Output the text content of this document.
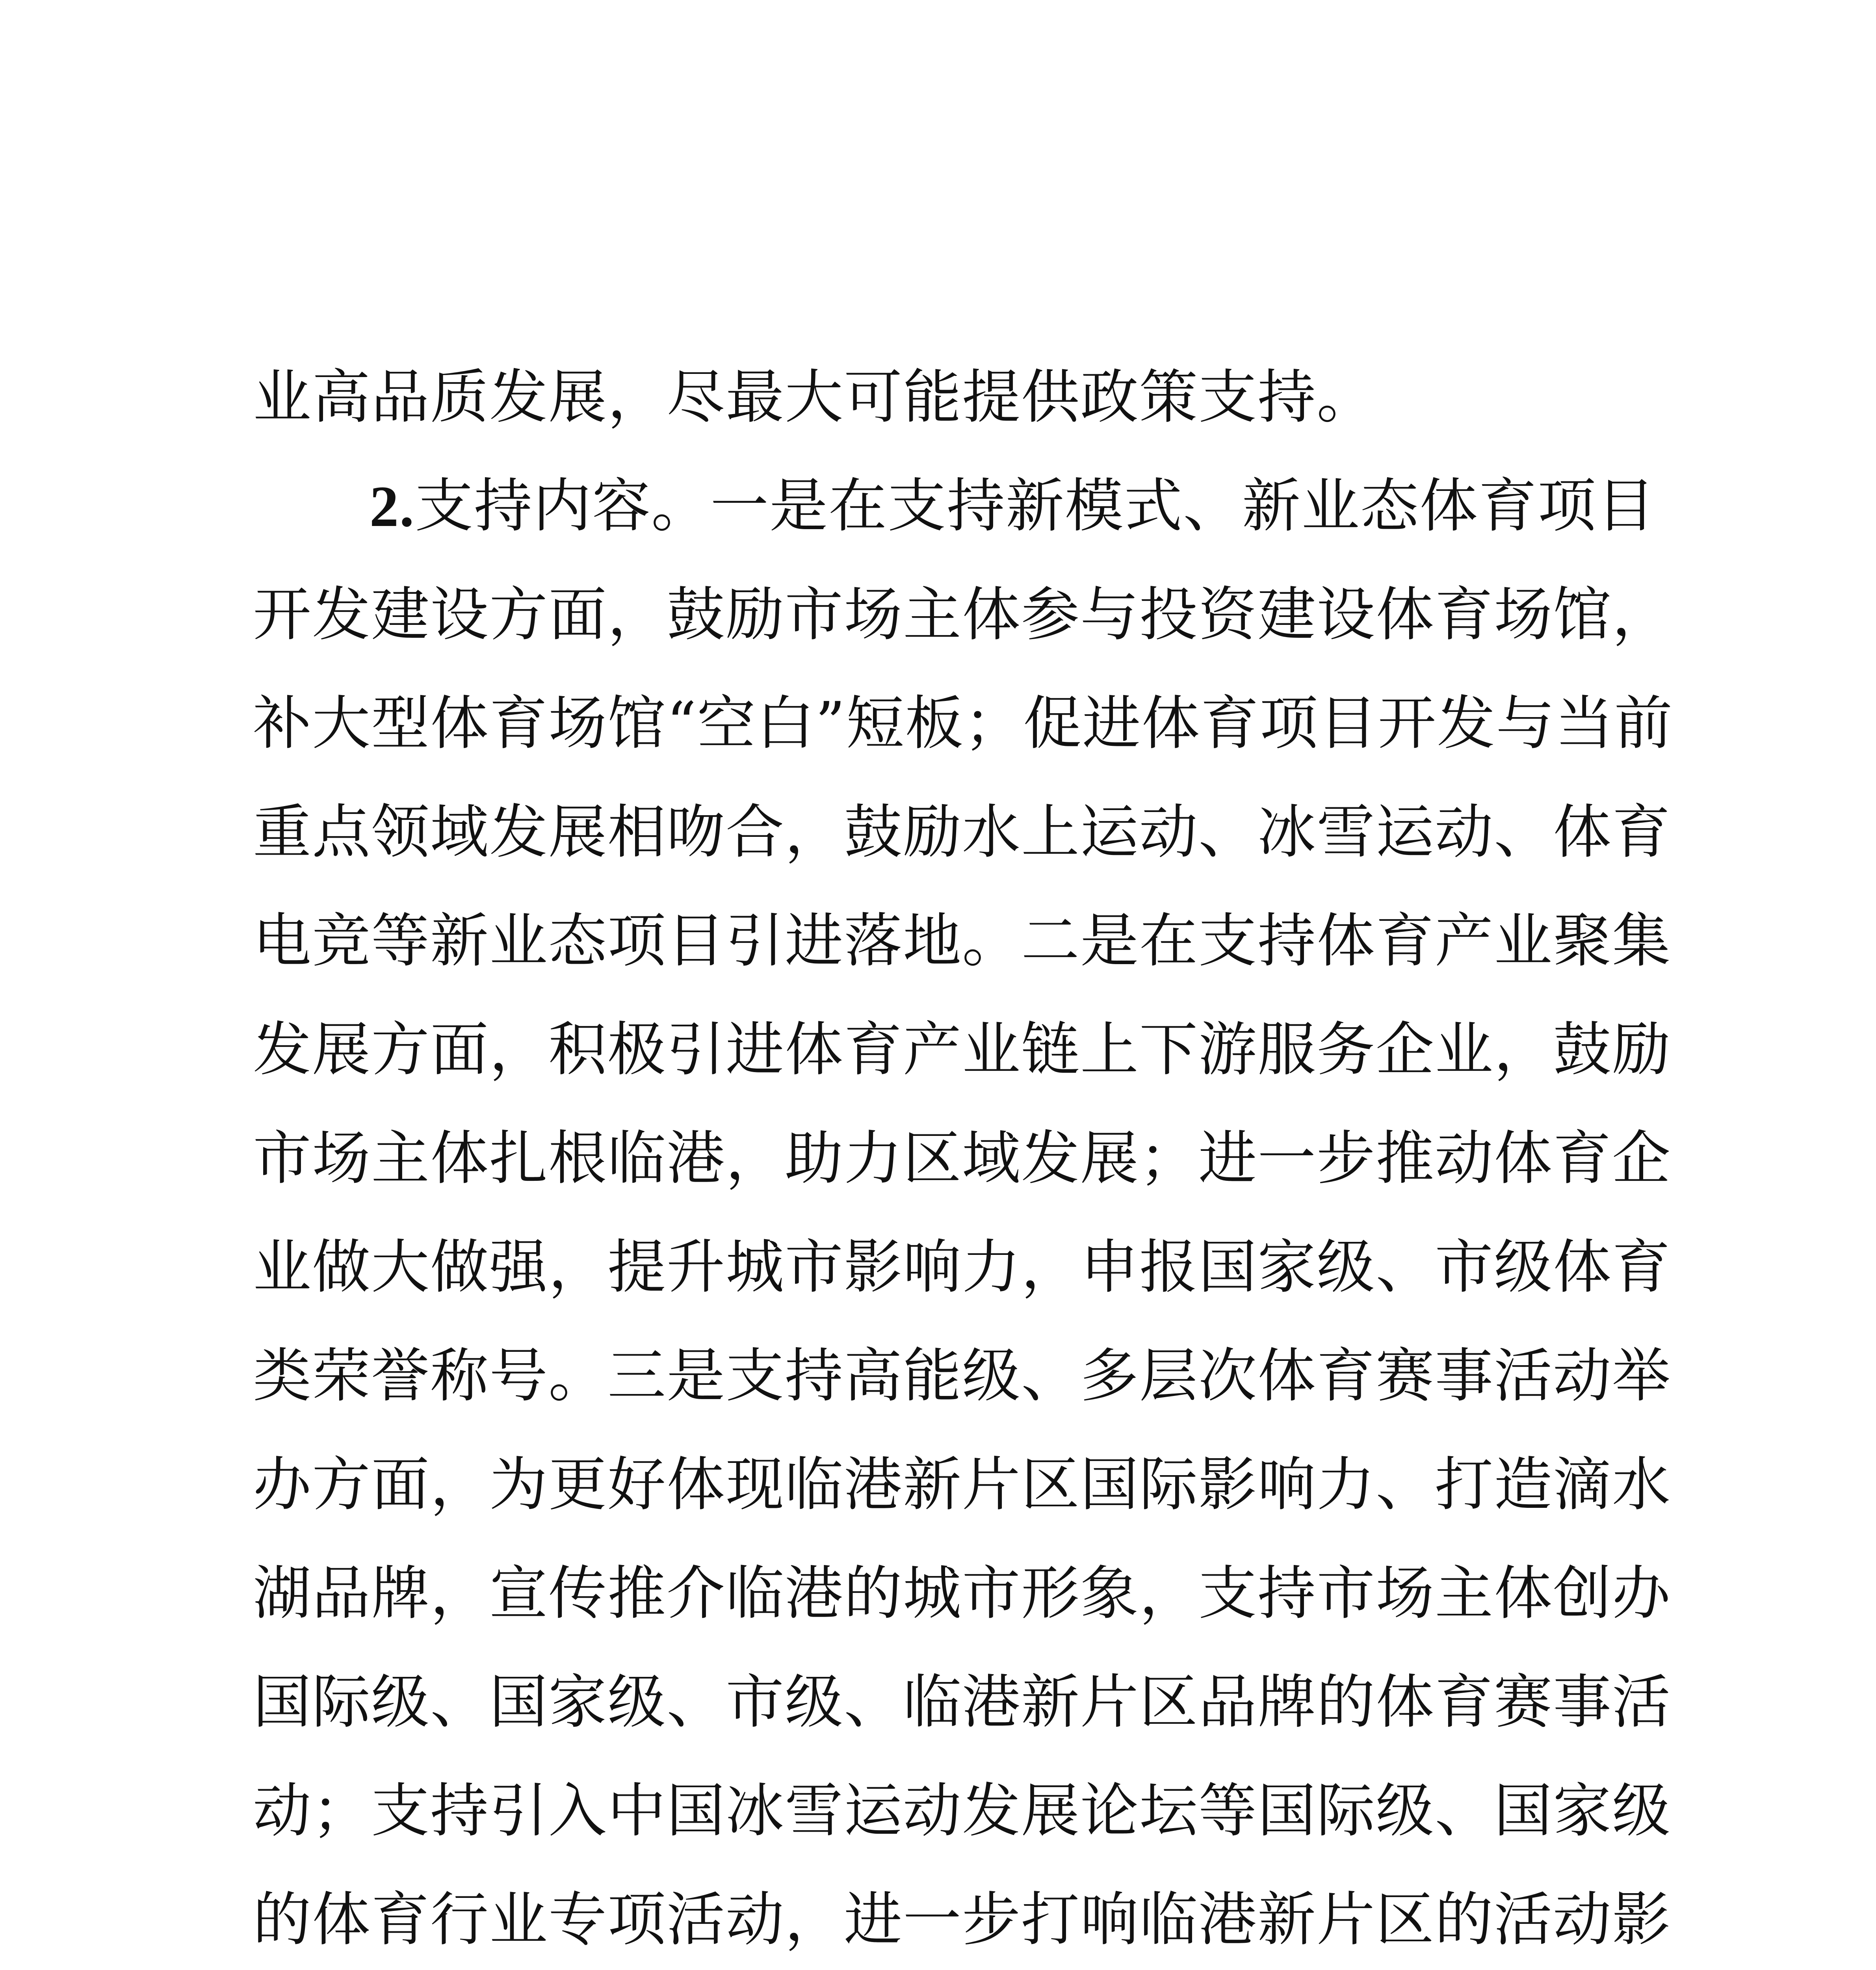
业高品质发展，尽最大可能提供政策支持。
2.支持内容。一是在支持新模式、新业态体育项目
开发建设方面，鼓励市场主体参与投资建设体育场馆，
补大型体育场馆“空白”短板；促进体育项目开发与当前
重点领域发展相吻合，鼓励水上运动、冰雪运动、体育
电竞等新业态项目引进落地。二是在支持体育产业聚集
发展方面，积极引进体育产业链上下游服务企业，鼓励
市场主体扎根临港，助力区域发展；进一步推动体育企
业做大做强，提升城市影响力，申报国家级、市级体育
类荣誉称号。三是支持高能级、多层次体育赛事活动举
办方面，为更好体现临港新片区国际影响力、打造滴水
湖品牌，宣传推介临港的城市形象，支持市场主体创办
国际级、国家级、市级、临港新片区品牌的体育赛事活
动；支持引入中国冰雪运动发展论坛等国际级、国家级
的体育行业专项活动，进一步打响临港新片区的活动影
